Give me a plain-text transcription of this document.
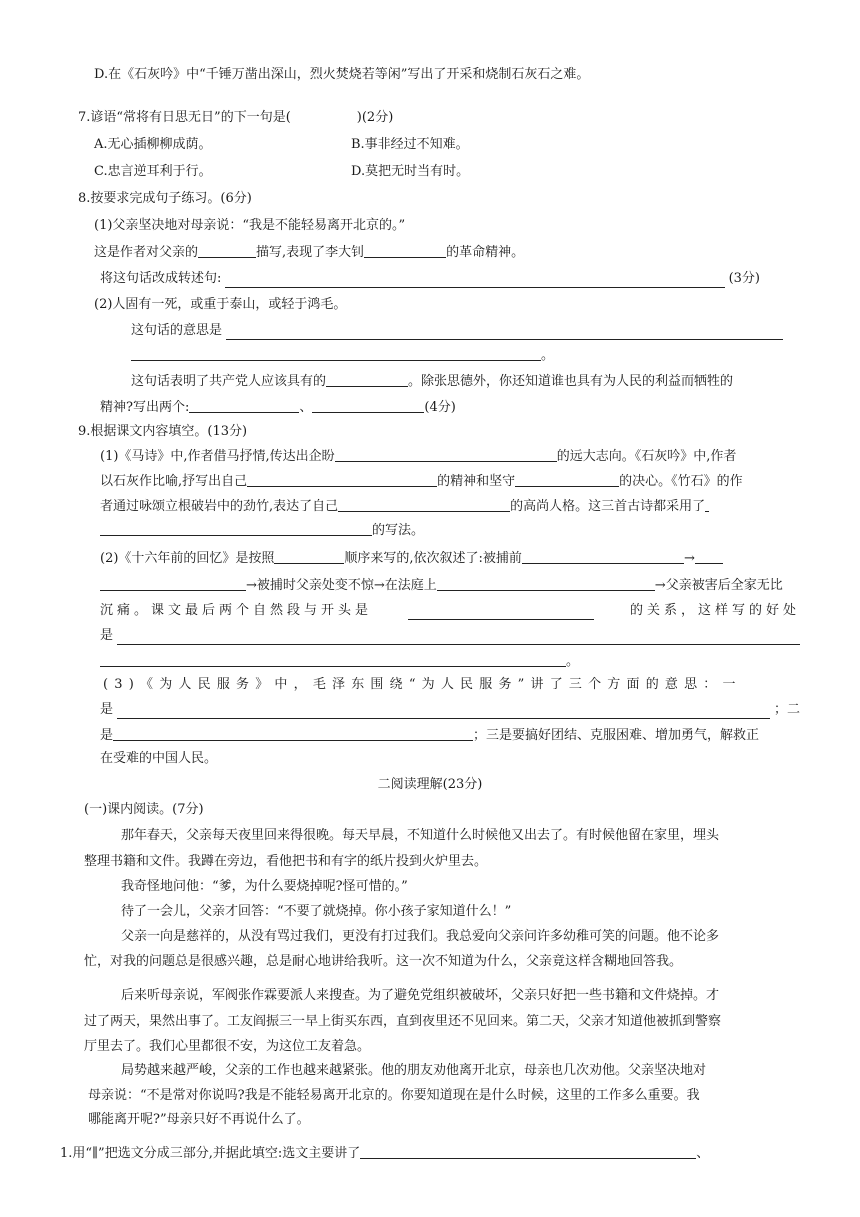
D.在《石灰吟》中“千锤万凿出深山，烈火焚烧若等闲”写出了开采和烧制石灰石之难。
7.谚语“常将有日思无日”的下一句是(	)(2分)
A.无心插柳柳成荫。	B.事非经过不知难。
C.忠言逆耳利于行。	D.莫把无时当有时。
8.按要求完成句子练习。(6分)
(1)父亲坚决地对母亲说：“我是不能轻易离开北京的。”
这是作者对父亲的	描写,表现了李大钊	的革命精神。
将这句话改成转述句:	(3分)
(2)人固有一死，或重于泰山，或轻于鸿毛。
这句话的意思是
。
这句话表明了共产党人应该具有的	。除张思德外，你还知道谁也具有为人民的利益而牺牲的
精神?写出两个:	、	(4分)
9.根据课文内容填空。(13分)
(1)《马诗》中,作者借马抒情,传达出企盼	的远大志向。《石灰吟》中,作者
以石灰作比喻,抒写出自己	的精神和坚守	的决心。《竹石》的作
者通过咏颂立根破岩中的劲竹,表达了自己	的高尚人格。这三首古诗都采用了
的写法。
(2)《十六年前的回忆》是按照	顺序来写的,依次叙述了:被捕前	→
→被捕时父亲处变不惊→在法庭上	→父亲被害后全家无比
沉痛。课文最后两个自然段与开头是	的关系，这样写的好处
是
。
(3)《为人民服务》中，毛泽东围绕“为人民服务”讲了三个方面的意思：一
是	；二
是	；三是要搞好团结、克服困难、增加勇气，解救正
在受难的中国人民。
二阅读理解(23分)
(一)课内阅读。(7分)
那年春天，父亲每天夜里回来得很晚。每天早晨，不知道什么时候他又出去了。有时候他留在家里，埋头
整理书籍和文件。我蹲在旁边，看他把书和有字的纸片投到火炉里去。
我奇怪地问他：“爹，为什么要烧掉呢?怪可惜的。”
待了一会儿，父亲才回答：“不要了就烧掉。你小孩子家知道什么！”
父亲一向是慈祥的，从没有骂过我们，更没有打过我们。我总爱向父亲问许多幼稚可笑的问题。他不论多
忙，对我的问题总是很感兴趣，总是耐心地讲给我听。这一次不知道为什么，父亲竟这样含糊地回答我。
后来听母亲说，军阀张作霖要派人来搜查。为了避免党组织被破坏，父亲只好把一些书籍和文件烧掉。才
过了两天，果然出事了。工友阎振三一早上街买东西，直到夜里还不见回来。第二天，父亲才知道他被抓到警察
厅里去了。我们心里都很不安，为这位工友着急。
局势越来越严峻，父亲的工作也越来越紧张。他的朋友劝他离开北京，母亲也几次劝他。父亲坚决地对
母亲说：“不是常对你说吗?我是不能轻易离开北京的。你要知道现在是什么时候，这里的工作多么重要。我
哪能离开呢?”母亲只好不再说什么了。
1.用“∥”把选文分成三部分,并据此填空:选文主要讲了	、
